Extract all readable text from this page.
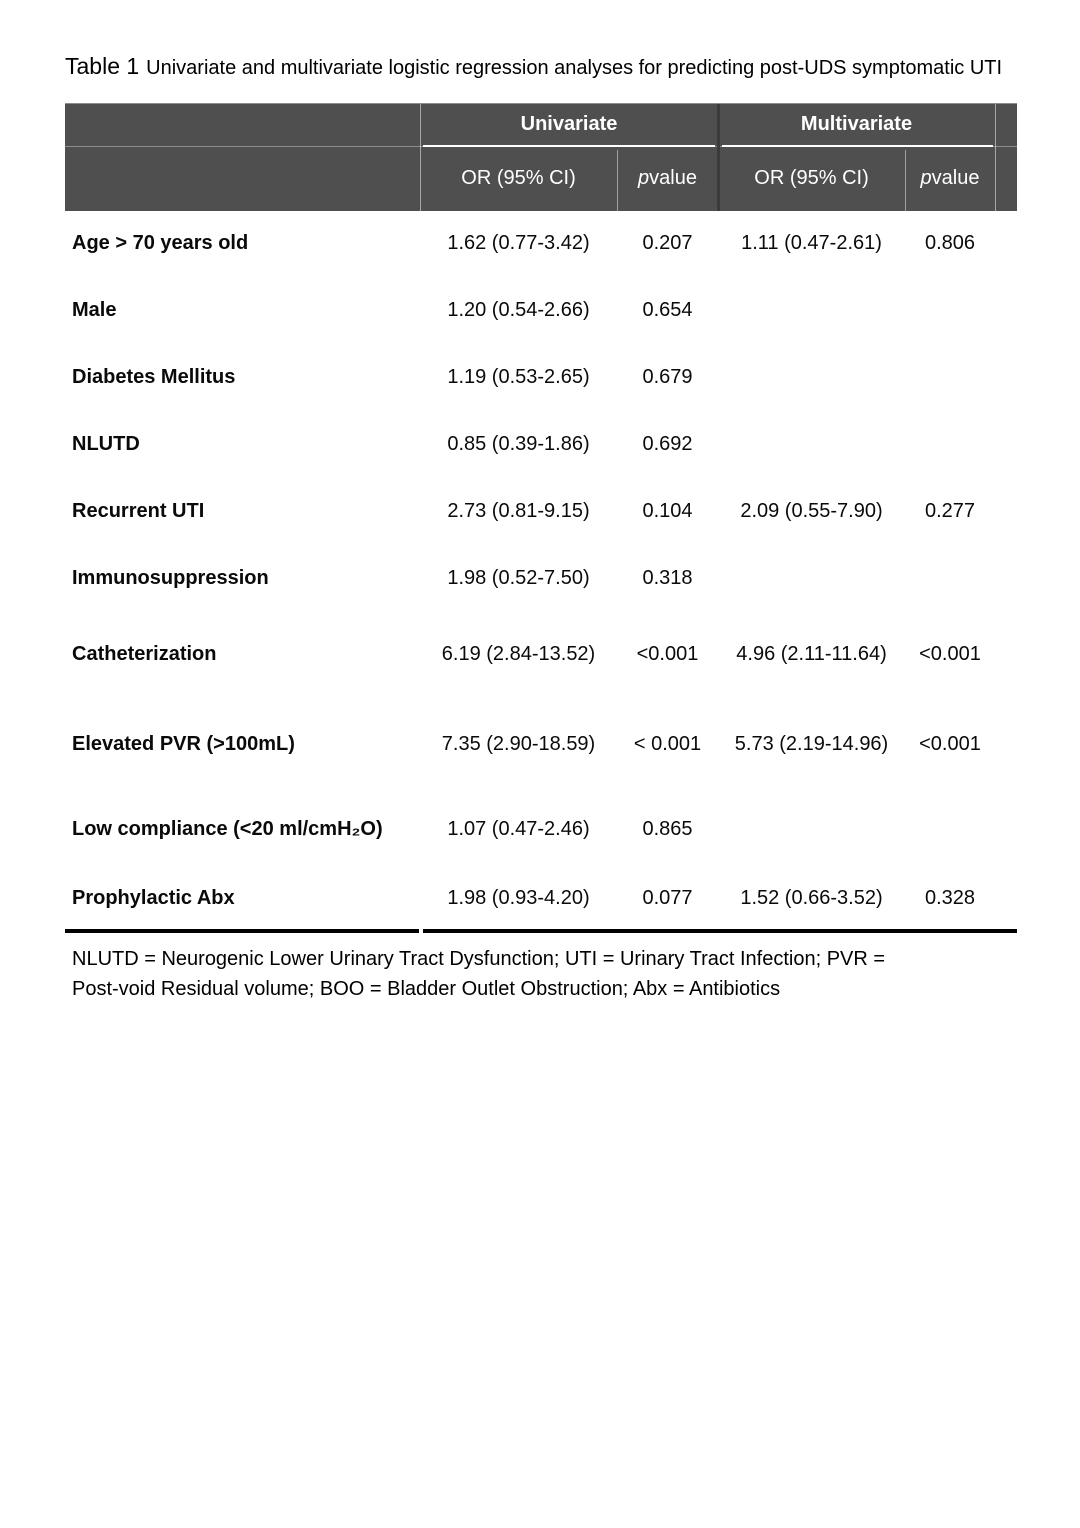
Table 1 Univariate and multivariate logistic regression analyses for predicting post-UDS symptomatic UTI
Univariate	Multivariate
OR (95% CI)	p value	OR (95% CI)	p value
Age > 70 years old	1.62 (0.77-3.42)	0.207	1.11 (0.47-2.61)	0.806
Male	1.20 (0.54-2.66)	0.654
Diabetes Mellitus	1.19 (0.53-2.65)	0.679
NLUTD	0.85 (0.39-1.86)	0.692
Recurrent UTI	2.73 (0.81-9.15)	0.104	2.09 (0.55-7.90)	0.277
Immunosuppression	1.98 (0.52-7.50)	0.318
Catheterization	6.19 (2.84-13.52)	<0.001	4.96 (2.11-11.64)	<0.001
Elevated PVR (>100mL)	7.35 (2.90-18.59)	< 0.001	5.73 (2.19-14.96)	<0.001
Low compliance (<20 ml/cmH₂O)	1.07 (0.47-2.46)	0.865
Prophylactic Abx	1.98 (0.93-4.20)	0.077	1.52 (0.66-3.52)	0.328
NLUTD = Neurogenic Lower Urinary Tract Dysfunction; UTI = Urinary Tract Infection; PVR =
Post-void Residual volume; BOO = Bladder Outlet Obstruction; Abx = Antibiotics
